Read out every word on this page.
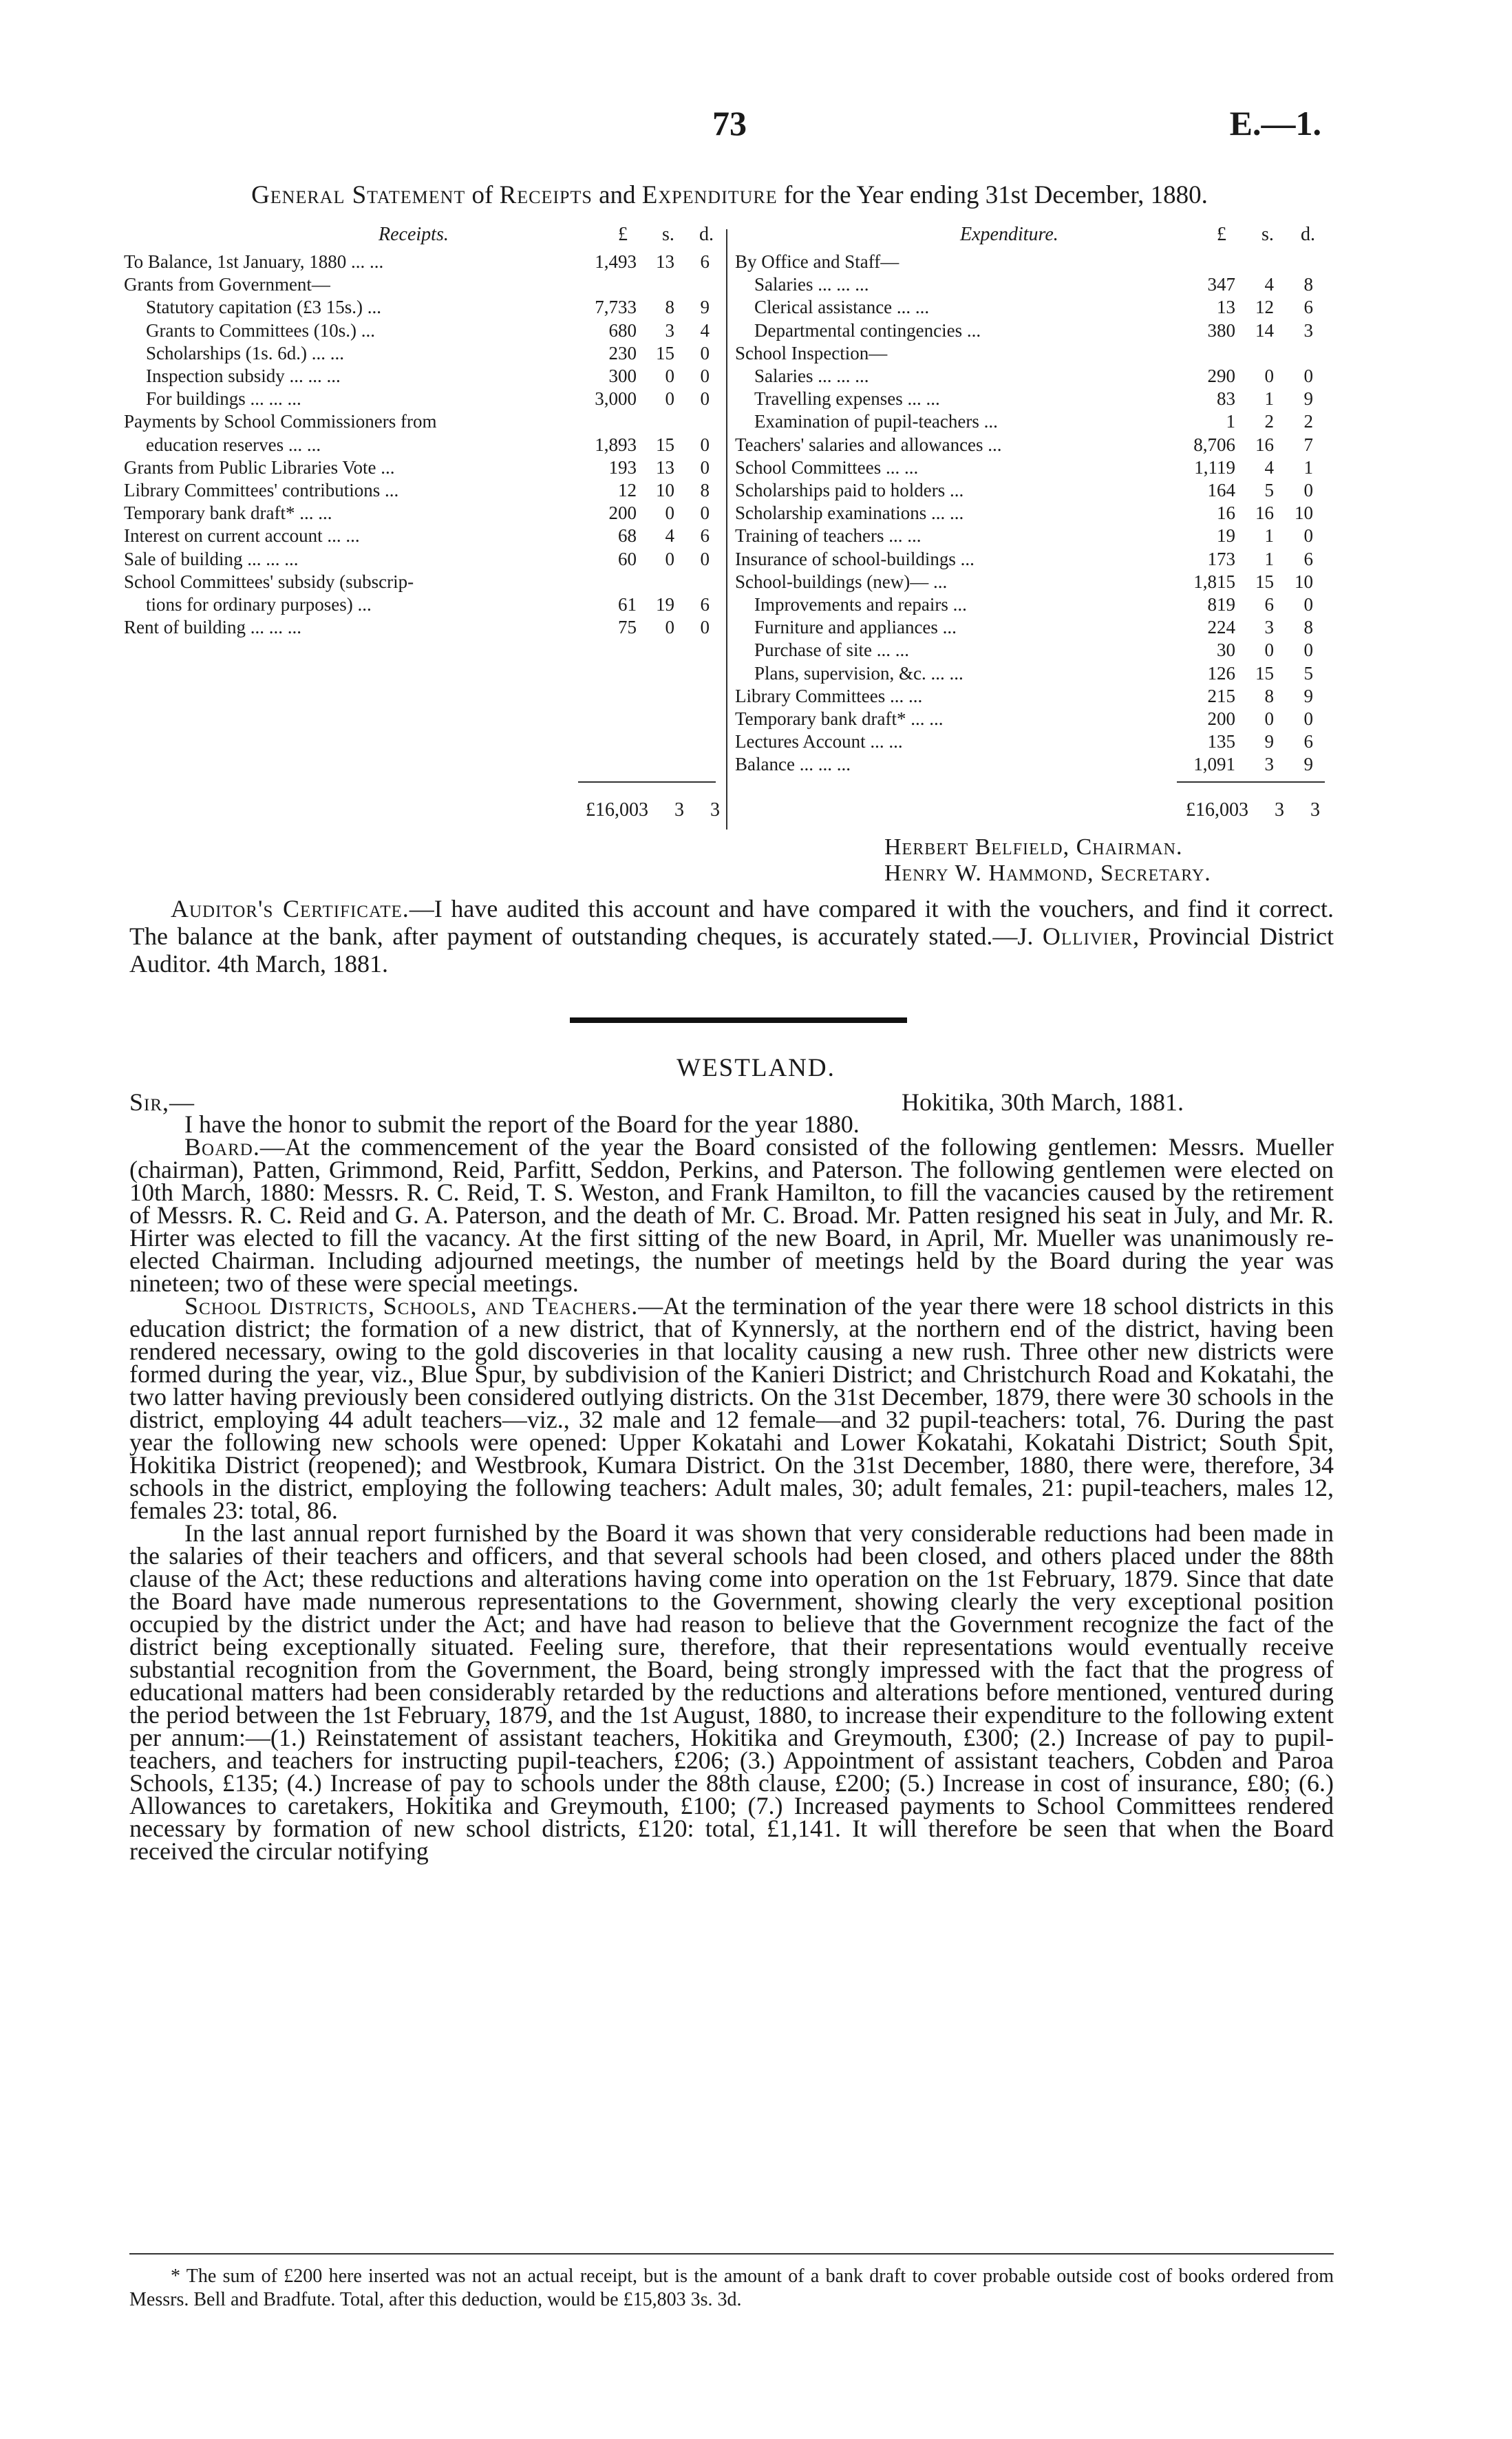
73	E.—1.
General Statement of Receipts and Expenditure for the Year ending 31st December, 1880.
Receipts.	£ s. d.	Expenditure.	£ s. d.
To Balance, 1st January, 1880 ... ...	1,493	13	6
Grants from Government—
Statutory capitation (£3 15s.) ...	7,733	8	9
Grants to Committees (10s.) ...	680	3	4
Scholarships (1s. 6d.) ... ...	230	15	0
Inspection subsidy ... ... ...	300	0	0
For buildings ... ... ...	3,000	0	0
Payments by School Commissioners from
education reserves ... ...	1,893	15	0
Grants from Public Libraries Vote ...	193	13	0
Library Committees' contributions ...	12	10	8
Temporary bank draft* ... ...	200	0	0
Interest on current account ... ...	68	4	6
Sale of building ... ... ...	60	0	0
School Committees' subsidy (subscrip-
tions for ordinary purposes) ...	61	19	6
Rent of building ... ... ...	75	0	0
By Office and Staff—
Salaries ... ... ...	347	4	8
Clerical assistance ... ...	13	12	6
Departmental contingencies ...	380	14	3
School Inspection—
Salaries ... ... ...	290	0	0
Travelling expenses ... ...	83	1	9
Examination of pupil-teachers ...	1	2	2
Teachers' salaries and allowances ...	8,706	16	7
School Committees ... ...	1,119	4	1
Scholarships paid to holders ...	164	5	0
Scholarship examinations ... ...	16	16	10
Training of teachers ... ...	19	1	0
Insurance of school-buildings ...	173	1	6
School-buildings (new)— ...	1,815	15	10
Improvements and repairs ...	819	6	0
Furniture and appliances ...	224	3	8
Purchase of site ... ...	30	0	0
Plans, supervision, &c. ... ...	126	15	5
Library Committees ... ...	215	8	9
Temporary bank draft* ... ...	200	0	0
Lectures Account ... ...	135	9	6
Balance ... ... ...	1,091	3	9
£16,003 3 3	£16,003 3 3
Herbert Belfield, Chairman.
Henry W. Hammond, Secretary.

Auditor's Certificate.—I have audited this account and have compared it with the vouchers, and find it correct. The balance at the bank, after payment of outstanding cheques, is accurately stated.—J. Ollivier, Provincial District Auditor. 4th March, 1881.

WESTLAND.
Sir,—	Hokitika, 30th March, 1881.

I have the honor to submit the report of the Board for the year 1880.

Board.—At the commencement of the year the Board consisted of the following gentlemen: Messrs. Mueller (chairman), Patten, Grimmond, Reid, Parfitt, Seddon, Perkins, and Paterson. The following gentlemen were elected on 10th March, 1880: Messrs. R. C. Reid, T. S. Weston, and Frank Hamilton, to fill the vacancies caused by the retirement of Messrs. R. C. Reid and G. A. Paterson, and the death of Mr. C. Broad. Mr. Patten resigned his seat in July, and Mr. R. Hirter was elected to fill the vacancy. At the first sitting of the new Board, in April, Mr. Mueller was unanimously re-elected Chairman. Including adjourned meetings, the number of meetings held by the Board during the year was nineteen; two of these were special meetings.

School Districts, Schools, and Teachers.—At the termination of the year there were 18 school districts in this education district; the formation of a new district, that of Kynnersly, at the northern end of the district, having been rendered necessary, owing to the gold discoveries in that locality causing a new rush. Three other new districts were formed during the year, viz., Blue Spur, by subdivision of the Kanieri District; and Christchurch Road and Kokatahi, the two latter having previously been considered outlying districts. On the 31st December, 1879, there were 30 schools in the district, employing 44 adult teachers—viz., 32 male and 12 female—and 32 pupil-teachers: total, 76. During the past year the following new schools were opened: Upper Kokatahi and Lower Kokatahi, Kokatahi District; South Spit, Hokitika District (reopened); and Westbrook, Kumara District. On the 31st December, 1880, there were, therefore, 34 schools in the district, employing the following teachers: Adult males, 30; adult females, 21: pupil-teachers, males 12, females 23: total, 86.

In the last annual report furnished by the Board it was shown that very considerable reductions had been made in the salaries of their teachers and officers, and that several schools had been closed, and others placed under the 88th clause of the Act; these reductions and alterations having come into operation on the 1st February, 1879. Since that date the Board have made numerous representations to the Government, showing clearly the very exceptional position occupied by the district under the Act; and have had reason to believe that the Government recognize the fact of the district being exceptionally situated. Feeling sure, therefore, that their representations would eventually receive substantial recognition from the Government, the Board, being strongly impressed with the fact that the progress of educational matters had been considerably retarded by the reductions and alterations before mentioned, ventured during the period between the 1st February, 1879, and the 1st August, 1880, to increase their expenditure to the following extent per annum:—(1.) Reinstatement of assistant teachers, Hokitika and Greymouth, £300; (2.) Increase of pay to pupil-teachers, and teachers for instructing pupil-teachers, £206; (3.) Appointment of assistant teachers, Cobden and Paroa Schools, £135; (4.) Increase of pay to schools under the 88th clause, £200; (5.) Increase in cost of insurance, £80; (6.) Allowances to caretakers, Hokitika and Greymouth, £100; (7.) Increased payments to School Committees rendered necessary by formation of new school districts, £120: total, £1,141. It will therefore be seen that when the Board received the circular notifying

* The sum of £200 here inserted was not an actual receipt, but is the amount of a bank draft to cover probable outside cost of books ordered from Messrs. Bell and Bradfute. Total, after this deduction, would be £15,803 3s. 3d.
